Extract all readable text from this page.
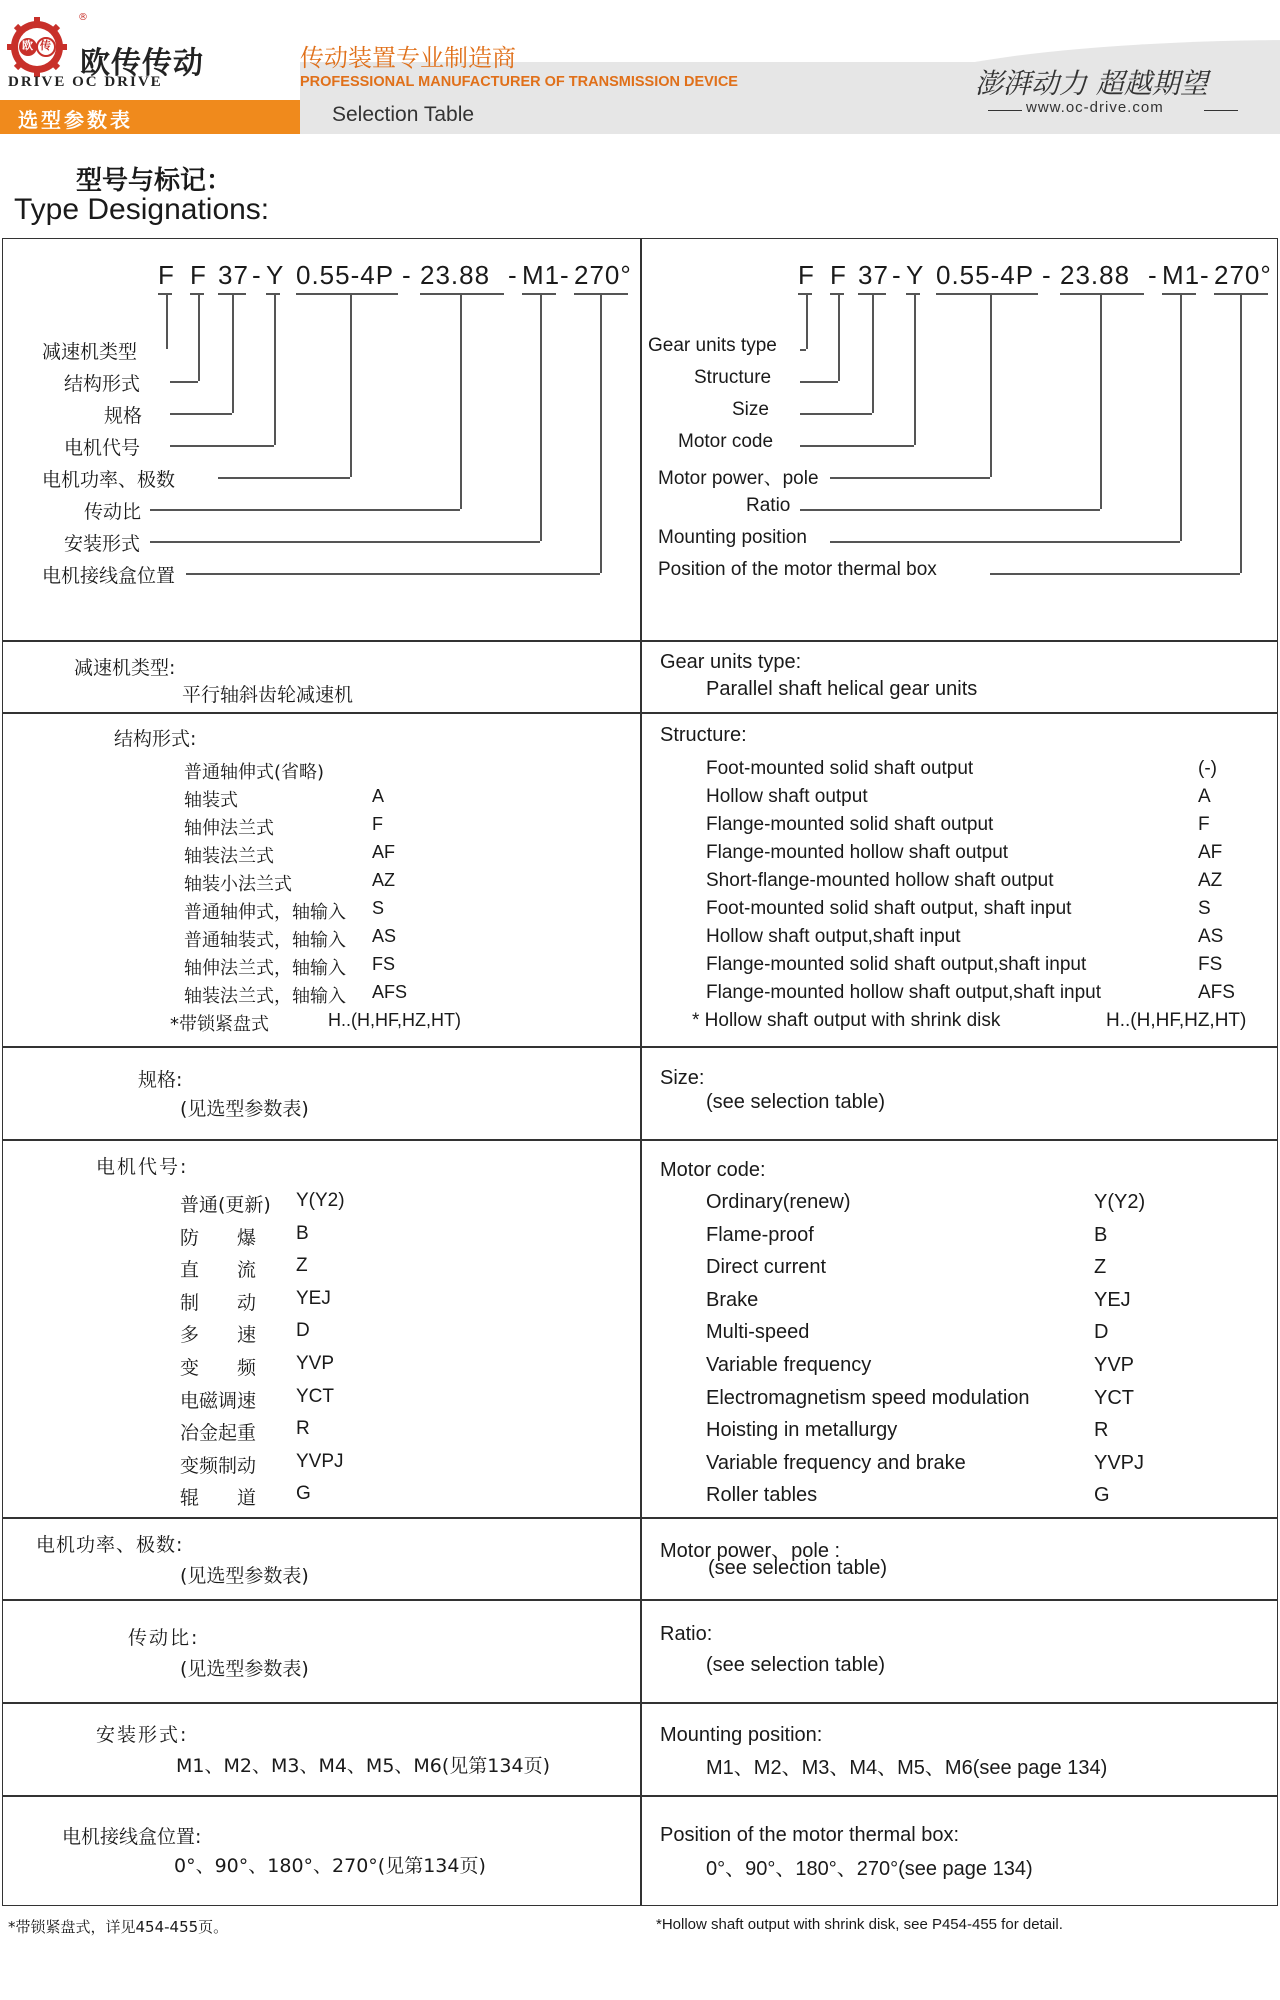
欧 传
®
欧传传动
DRIVE OC DRIVE
传动装置专业制造商
PROFESSIONAL MANUFACTURER OF TRANSMISSION DEVICE	澎湃动力 超越期望
www.oc-drive.com
选型参数表	Selection Table
型号与标记：
Type Designations:
F F 37 - Y 0.55-4P - 23.88 - M1 - 270°
减速机类型
结构形式
规格
电机代号
电机功率、极数
传动比
安装形式
电机接线盒位置
F F 37 - Y 0.55-4P - 23.88 - M1 - 270°
Gear units type
Structure
Size
Motor code
Motor power、pole
Ratio
Mounting position
Position of the motor thermal box
减速机类型:
平行轴斜齿轮减速机
Gear units type:
Parallel shaft helical gear units
结构形式:	Structure:
普通轴伸式(省略)
轴装式	A
轴伸法兰式	F
轴装法兰式	AF
轴装小法兰式	AZ
普通轴伸式，轴输入 S
普通轴装式，轴输入 AS
轴伸法兰式，轴输入 FS
轴装法兰式，轴输入 AFS
*带锁紧盘式	H..(H,HF,HZ,HT)
Foot-mounted solid shaft output	(-)
Hollow shaft output	A
Flange-mounted solid shaft output	F
Flange-mounted hollow shaft output	AF
Short-flange-mounted hollow shaft output	AZ
Foot-mounted solid shaft output, shaft input	S
Hollow shaft output,shaft input	AS
Flange-mounted solid shaft output,shaft input	FS
Flange-mounted hollow shaft output,shaft input	AFS
* Hollow shaft output with shrink disk	H..(H,HF,HZ,HT)
规格:
(见选型参数表)
Size:
(see selection table)
电机代号:	Motor code:
普通(更新) Y(Y2)
防　　爆 B
直　　流 Z
制　　动 YEJ
多　　速 D
变　　频 YVP
电磁调速 YCT
冶金起重 R
变频制动 YVPJ
辊　　道 G
Ordinary(renew)	Y(Y2)
Flame-proof	B
Direct current	Z
Brake	YEJ
Multi-speed	D
Variable frequency	YVP
Electromagnetism speed modulation	YCT
Hoisting in metallurgy	R
Variable frequency and brake	YVPJ
Roller tables	G
电机功率、极数:
(见选型参数表)
Motor power、pole :
(see selection table)
传动比:
(见选型参数表)
Ratio:
(see selection table)
安装形式:
M1、M2、M3、M4、M5、M6(见第134页)
Mounting position:
M1、M2、M3、M4、M5、M6(see page 134)
电机接线盒位置:
0°、90°、180°、270°(见第134页)
Position of the motor thermal box:
0°、90°、180°、270°(see page 134)
*带锁紧盘式，详见454-455页。	*Hollow shaft output with shrink disk, see P454-455 for detail.
